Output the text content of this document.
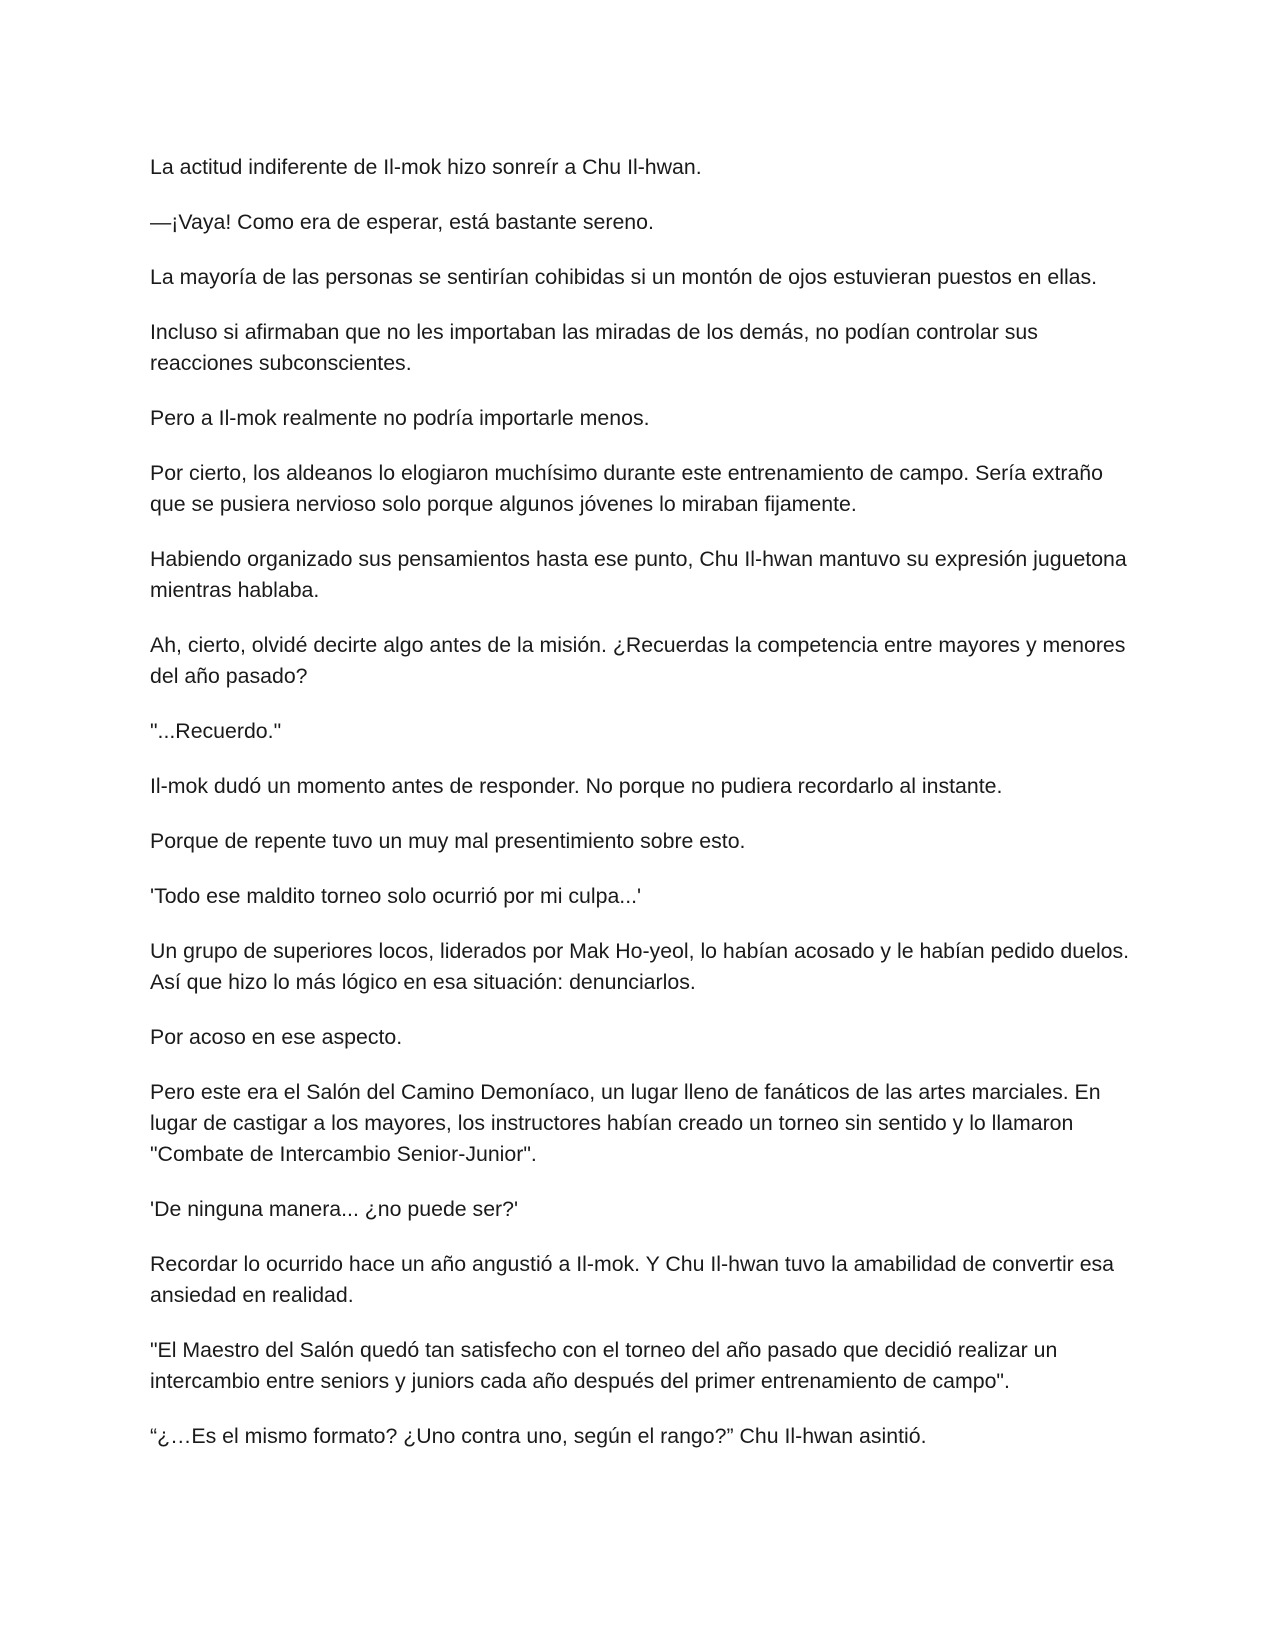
La actitud indiferente de Il-mok hizo sonreír a Chu Il-hwan.

—¡Vaya! Como era de esperar, está bastante sereno.

La mayoría de las personas se sentirían cohibidas si un montón de ojos estuvieran puestos en ellas.

Incluso si afirmaban que no les importaban las miradas de los demás, no podían controlar sus reacciones subconscientes.

Pero a Il-mok realmente no podría importarle menos.

Por cierto, los aldeanos lo elogiaron muchísimo durante este entrenamiento de campo. Sería extraño que se pusiera nervioso solo porque algunos jóvenes lo miraban fijamente.

Habiendo organizado sus pensamientos hasta ese punto, Chu Il-hwan mantuvo su expresión juguetona mientras hablaba.

Ah, cierto, olvidé decirte algo antes de la misión. ¿Recuerdas la competencia entre mayores y menores del año pasado?

"...Recuerdo."

Il-mok dudó un momento antes de responder. No porque no pudiera recordarlo al instante.

Porque de repente tuvo un muy mal presentimiento sobre esto.

'Todo ese maldito torneo solo ocurrió por mi culpa...'

Un grupo de superiores locos, liderados por Mak Ho-yeol, lo habían acosado y le habían pedido duelos. Así que hizo lo más lógico en esa situación: denunciarlos.

Por acoso en ese aspecto.

Pero este era el Salón del Camino Demoníaco, un lugar lleno de fanáticos de las artes marciales. En lugar de castigar a los mayores, los instructores habían creado un torneo sin sentido y lo llamaron "Combate de Intercambio Senior-Junior".

'De ninguna manera... ¿no puede ser?'

Recordar lo ocurrido hace un año angustió a Il-mok. Y Chu Il-hwan tuvo la amabilidad de convertir esa ansiedad en realidad.

"El Maestro del Salón quedó tan satisfecho con el torneo del año pasado que decidió realizar un intercambio entre seniors y juniors cada año después del primer entrenamiento de campo".

“¿…Es el mismo formato? ¿Uno contra uno, según el rango?” Chu Il-hwan asintió.
